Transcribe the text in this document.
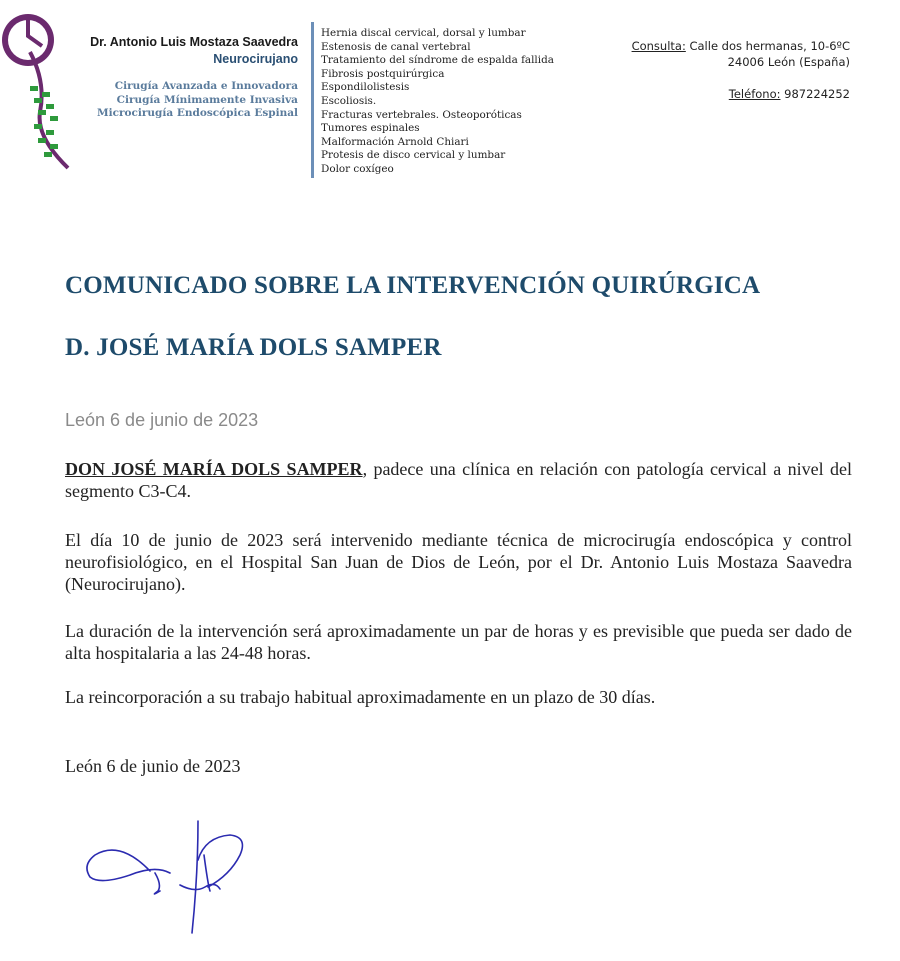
Dr. Antonio Luis Mostaza Saavedra
Neurocirujano
Cirugía Avanzada e Innovadora
Cirugía Mínimamente Invasiva
Microcirugía Endoscópica Espinal
Hernia discal cervical, dorsal y lumbar
Estenosis de canal vertebral
Tratamiento del síndrome de espalda fallida
Fibrosis postquirúrgica
Espondilolistesis
Escoliosis.
Fracturas vertebrales. Osteoporóticas
Tumores espinales
Malformación Arnold Chiari
Protesis de disco cervical y lumbar
Dolor coxígeo
Consulta: Calle dos hermanas, 10-6ºC
24006 León (España)
Teléfono: 987224252
COMUNICADO SOBRE LA INTERVENCIÓN QUIRÚRGICA
D. JOSÉ MARÍA DOLS SAMPER
León 6 de junio de 2023

DON JOSÉ MARÍA DOLS SAMPER, padece una clínica en relación con patología cervical a nivel del segmento C3-C4.

El día 10 de junio de 2023 será intervenido mediante técnica de microcirugía endoscópica y control neurofisiológico, en el Hospital San Juan de Dios de León, por el Dr. Antonio Luis Mostaza Saavedra (Neurocirujano).

La duración de la intervención será aproximadamente un par de horas y es previsible que pueda ser dado de alta hospitalaria a las 24-48 horas.

La reincorporación a su trabajo habitual aproximadamente en un plazo de 30 días.

León 6 de junio de 2023
